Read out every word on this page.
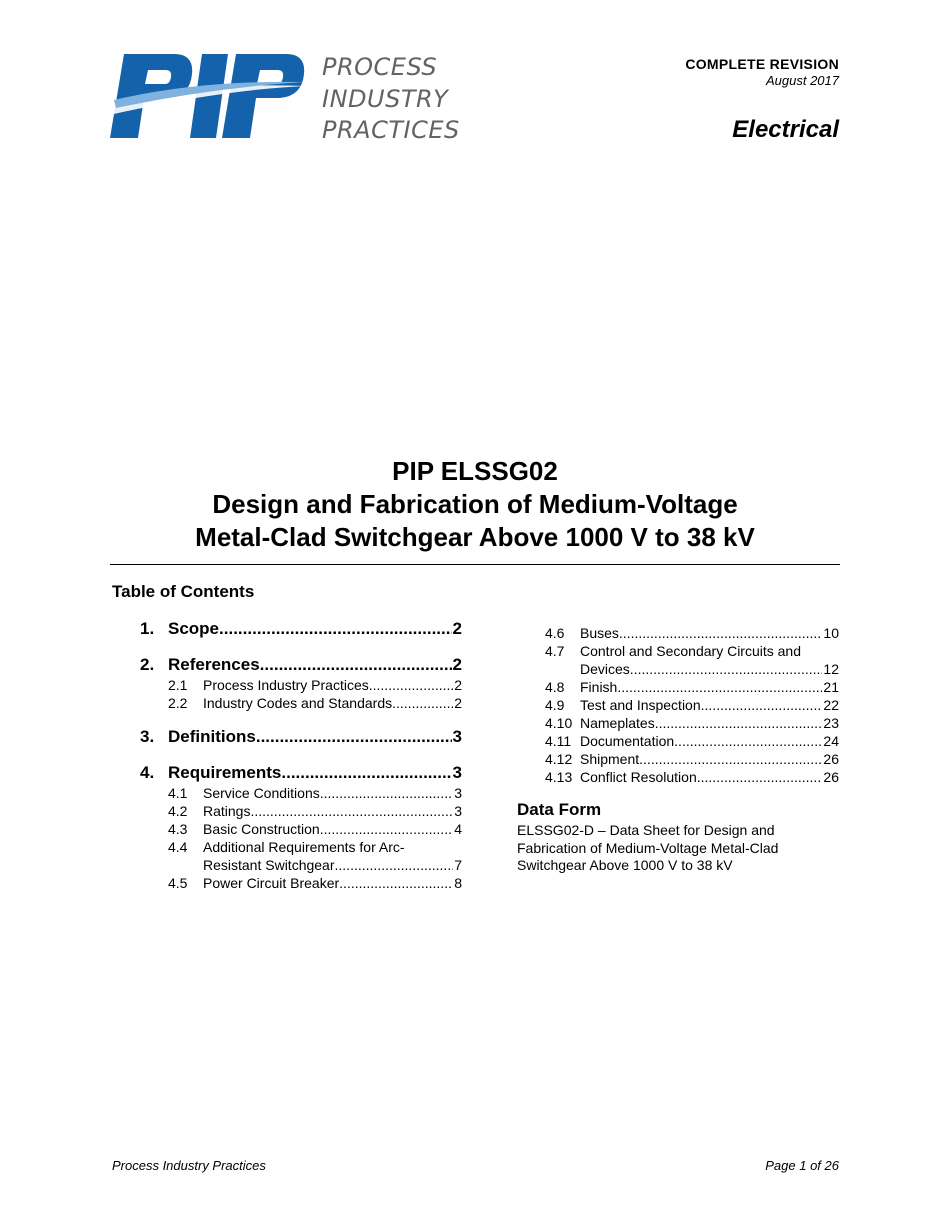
PROCESS
INDUSTRY
PRACTICES
COMPLETE REVISION
August 2017
Electrical
PIP ELSSG02
Design and Fabrication of Medium-Voltage
Metal-Clad Switchgear Above 1000 V to 38 kV
Table of Contents
1. Scope .....	2
2. References .....	2
2.1	Process Industry Practices .....	2
2.2	Industry Codes and Standards .....	2
3. Definitions .....	3
4. Requirements .....	3
4.1	Service Conditions .....	3
4.2	Ratings .....	3
4.3	Basic Construction .....	4
4.4	Additional Requirements for Arc-
Resistant Switchgear .....	7
4.5	Power Circuit Breaker .....	8
4.6	Buses .....	10
4.7	Control and Secondary Circuits and
Devices .....	12
4.8	Finish .....	21
4.9	Test and Inspection .....	22
4.10 Nameplates .....	23
4.11 Documentation .....	24
4.12 Shipment .....	26
4.13 Conflict Resolution .....	26
Data Form
ELSSG02-D – Data Sheet for Design and Fabrication of Medium-Voltage Metal-Clad Switchgear Above 1000 V to 38 kV
Process Industry Practices	Page 1 of 26
